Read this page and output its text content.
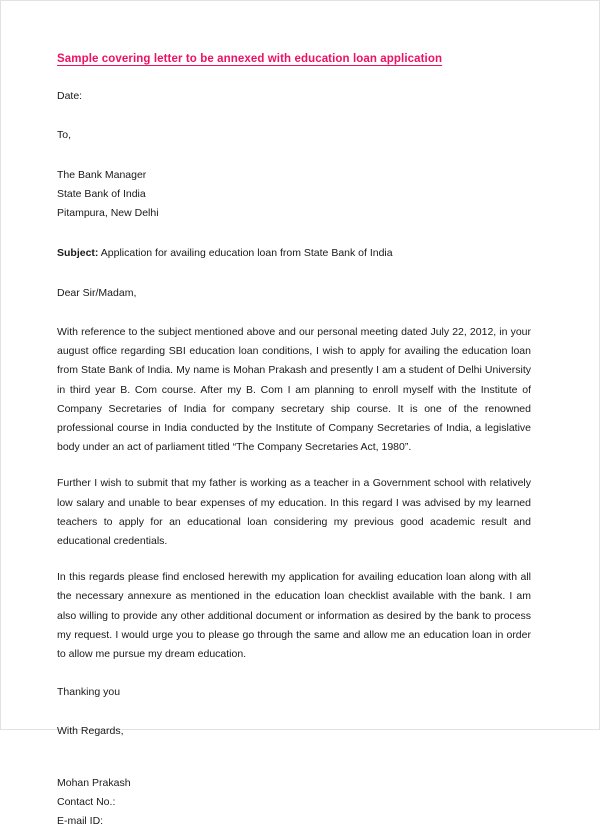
Sample covering letter to be annexed with education loan application

Date:

To,

The Bank Manager

State Bank of India

Pitampura, New Delhi

Subject: Application for availing education loan from State Bank of India

Dear Sir/Madam,

With reference to the subject mentioned above and our personal meeting dated July 22, 2012, in your august office regarding SBI education loan conditions, I wish to apply for availing the education loan from State Bank of India. My name is Mohan Prakash and presently I am a student of Delhi University in third year B. Com course. After my B. Com I am planning to enroll myself with the Institute of Company Secretaries of India for company secretary ship course. It is one of the renowned professional course in India conducted by the Institute of Company Secretaries of India, a legislative body under an act of parliament titled “The Company Secretaries Act, 1980”.

Further I wish to submit that my father is working as a teacher in a Government school with relatively low salary and unable to bear expenses of my education. In this regard I was advised by my learned teachers to apply for an educational loan considering my previous good academic result and educational credentials.

In this regards please find enclosed herewith my application for availing education loan along with all the necessary annexure as mentioned in the education loan checklist available with the bank. I am also willing to provide any other additional document or information as desired by the bank to process my request. I would urge you to please go through the same and allow me an education loan in order to allow me pursue my dream education.

Thanking you

With Regards,

Mohan Prakash

Contact No.:

E-mail ID:
